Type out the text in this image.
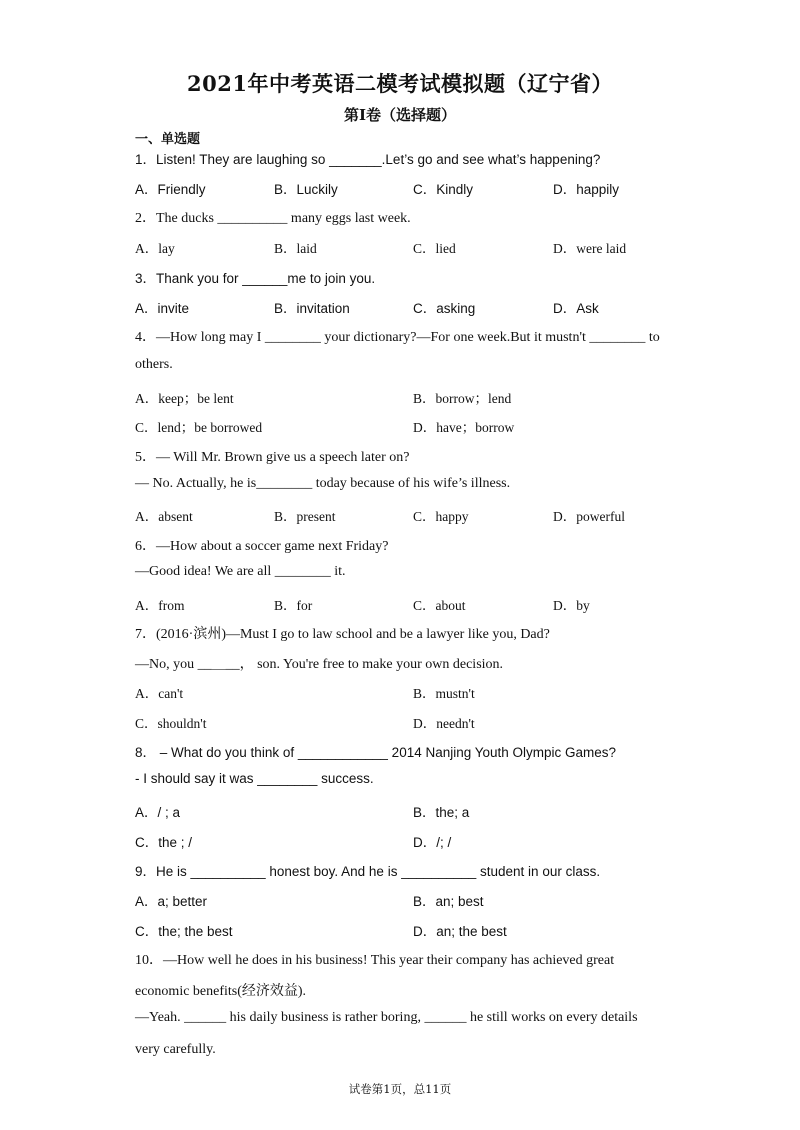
2021年中考英语二模考试模拟题（辽宁省）
第I卷（选择题）
一、单选题
1．Listen! They are laughing so _______.Let’s go and see what’s happening?
A．Friendly	B．Luckily	C．Kindly	D．happily
2．The ducks __________ many eggs last week.
A．lay	B．laid	C．lied	D．were laid
3．Thank you for ______me to join you.
A．invite	B．invitation	C．asking	D．Ask
4．—How long may I ________ your dictionary?—For one week.But it mustn't ________ to
others.
A．keep；be lent	B．borrow；lend
C．lend；be borrowed	D．have；borrow
5．— Will Mr. Brown give us a speech later on?
— No. Actually, he is________ today because of his wife’s illness.
A．absent	B．present	C．happy	D．powerful
6．—How about a soccer game next Friday?
—Good idea! We are all ________ it.
A．from	B．for	C．about	D．by
7．(2016·滨州)—Must I go to law school and be a lawyer like you, Dad?
—No, you __＿__， son. You're free to make your own decision.
A．can't	B．mustn't
C．shouldn't	D．needn't
8． – What do you think of ____________ 2014 Nanjing Youth Olympic Games?
- I should say it was ________ success.
A．/ ; a	B．the; a
C．the ; /	D．/; /
9．He is __________ honest boy. And he is __________ student in our class.
A．a; better	B．an; best
C．the; the best	D．an; the best
10．—How well he does in his business! This year their company has achieved great
economic benefits(经济效益).
—Yeah. ______ his daily business is rather boring, ______ he still works on every details
very carefully.
试卷第1页，总11页
